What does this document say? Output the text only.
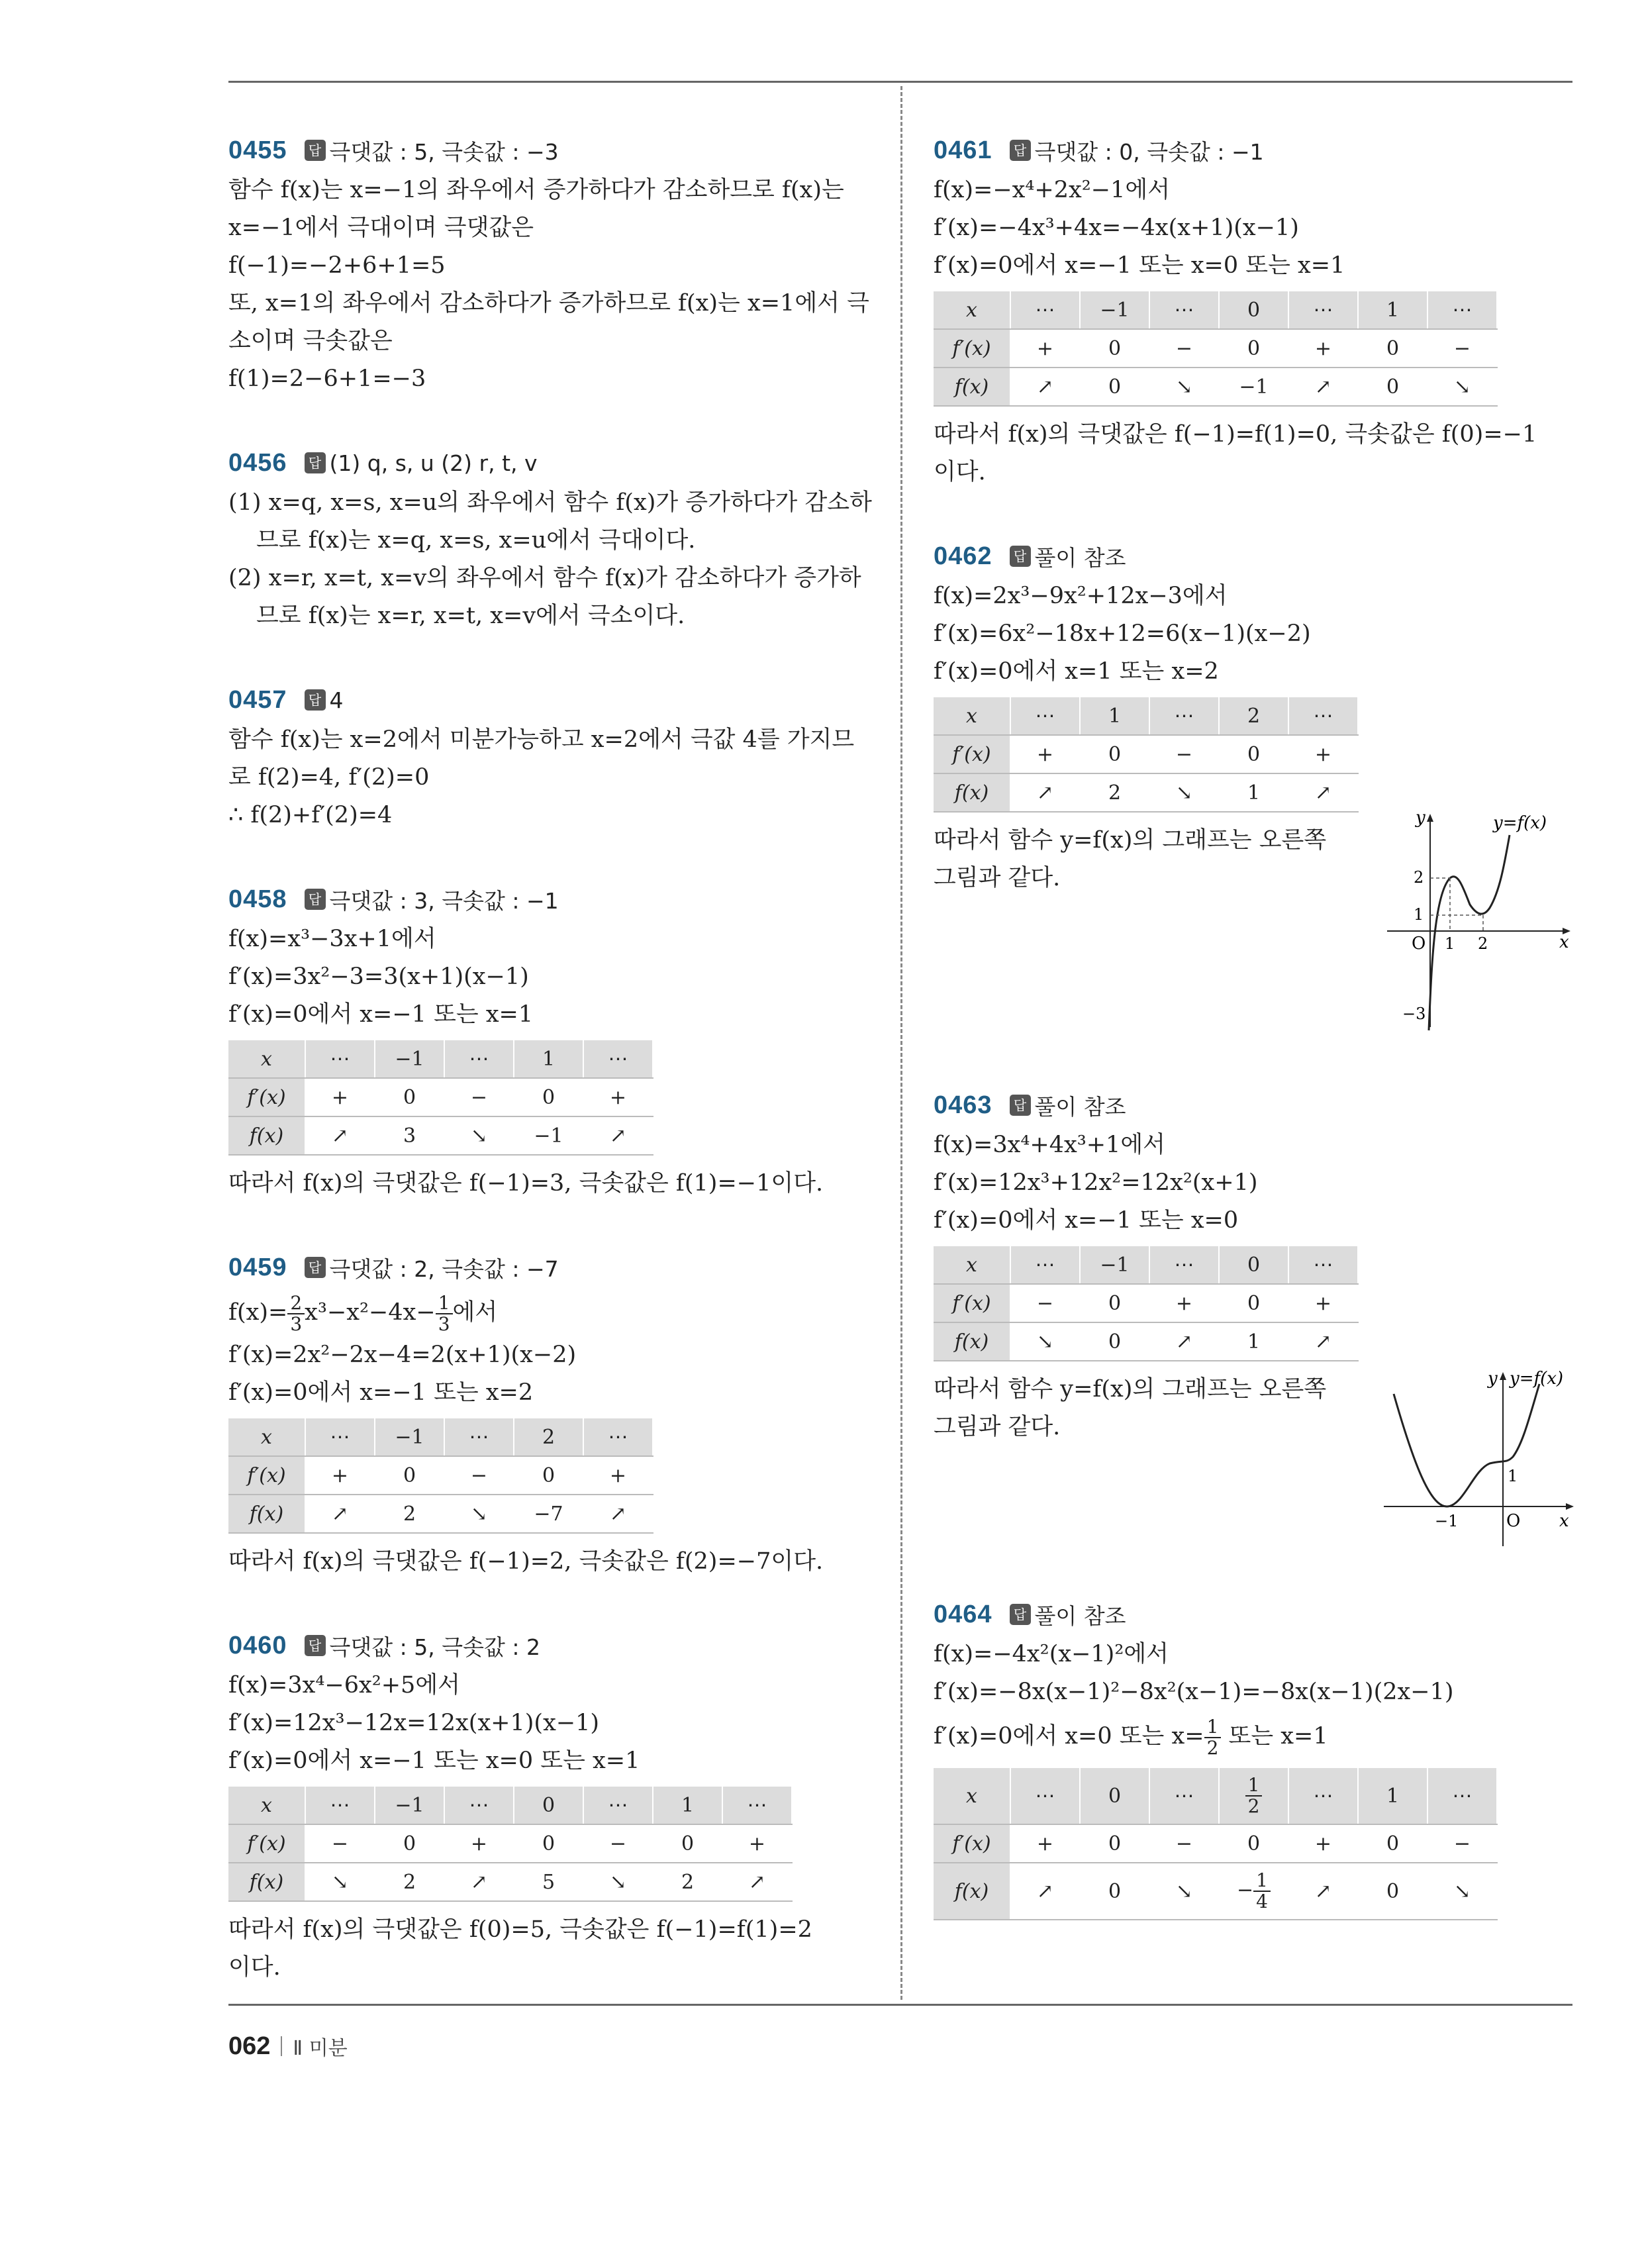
0455	답 극댓값 : 5, 극솟값 : −3
함수 f(x)는 x=−1의 좌우에서 증가하다가 감소하므로 f(x)는
x=−1에서 극대이며 극댓값은
f(−1)=−2+6+1=5
또, x=1의 좌우에서 감소하다가 증가하므로 f(x)는 x=1에서 극
소이며 극솟값은
f(1)=2−6+1=−3
0456	답 (1) q, s, u (2) r, t, v
(1) x=q, x=s, x=u의 좌우에서 함수 f(x)가 증가하다가 감소하
므로 f(x)는 x=q, x=s, x=u에서 극대이다.
(2) x=r, x=t, x=v의 좌우에서 함수 f(x)가 감소하다가 증가하
므로 f(x)는 x=r, x=t, x=v에서 극소이다.
0457	답 4
함수 f(x)는 x=2에서 미분가능하고 x=2에서 극값 4를 가지므
로 f(2)=4, f′(2)=0
∴ f(2)+f′(2)=4
0458	답 극댓값 : 3, 극솟값 : −1
f(x)=x³−3x+1에서
f′(x)=3x²−3=3(x+1)(x−1)
f′(x)=0에서 x=−1 또는 x=1
x	⋯	−1	⋯	1	⋯
f′(x)	+	0	−	0	+
f(x)	↗	3	↘	−1	↗
따라서 f(x)의 극댓값은 f(−1)=3, 극솟값은 f(1)=−1이다.
0459	답 극댓값 : 2, 극솟값 : −7
$f(x)= \frac{2}{3} x^3-x^2-4x- \frac{1}{3}$ 에서
f′(x)=2x²−2x−4=2(x+1)(x−2)
f′(x)=0에서 x=−1 또는 x=2
x	⋯	−1	⋯	2	⋯
f′(x)	+	0	−	0	+
f(x)	↗	2	↘	−7	↗
따라서 f(x)의 극댓값은 f(−1)=2, 극솟값은 f(2)=−7이다.
0460	답 극댓값 : 5, 극솟값 : 2
f(x)=3x⁴−6x²+5에서
f′(x)=12x³−12x=12x(x+1)(x−1)
f′(x)=0에서 x=−1 또는 x=0 또는 x=1
x	⋯	−1	⋯	0	⋯	1	⋯
f′(x)	−	0	+	0	−	0	+
f(x)	↘	2	↗	5	↘	2	↗
따라서 f(x)의 극댓값은 f(0)=5, 극솟값은 f(−1)=f(1)=2
이다.
0461	답 극댓값 : 0, 극솟값 : −1
f(x)=−x⁴+2x²−1에서
f′(x)=−4x³+4x=−4x(x+1)(x−1)
f′(x)=0에서 x=−1 또는 x=0 또는 x=1
x	⋯	−1	⋯	0	⋯	1	⋯
f′(x)	+	0	−	0	+	0	−
f(x)	↗	0	↘	−1	↗	0	↘
따라서 f(x)의 극댓값은 f(−1)=f(1)=0, 극솟값은 f(0)=−1
이다.
0462	답 풀이 참조
f(x)=2x³−9x²+12x−3에서
f′(x)=6x²−18x+12=6(x−1)(x−2)
f′(x)=0에서 x=1 또는 x=2
x	⋯	1	⋯	2	⋯
f′(x)	+	0	−	0	+
f(x)	↗	2	↘	1	↗
따라서 함수 y=f(x)의 그래프는 오른쪽
그림과 같다.
y	y=f(x)
x
O 1 2
2
1
−3
0463	답 풀이 참조
f(x)=3x⁴+4x³+1에서
f′(x)=12x³+12x²=12x²(x+1)
f′(x)=0에서 x=−1 또는 x=0
x	⋯	−1	⋯	0	⋯
f′(x)	−	0	+	0	+
f(x)	↘	0	↗	1	↗
따라서 함수 y=f(x)의 그래프는 오른쪽
그림과 같다.
y y=f(x)
x
O
−1
1
0464	답 풀이 참조
f(x)=−4x²(x−1)²에서
f′(x)=−8x(x−1)²−8x²(x−1)=−8x(x−1)(2x−1)
f′(x)=0에서 x=0 또는 $x= \frac{1}{2}$ 또는 x=1
x	⋯	0	⋯	$\frac{1}{2}$	⋯	1	⋯
f′(x)	+	0	−	0	+	0	−
f(x)	↗	0	↘	− $\frac{1}{4}$	↗	0	↘
062 Ⅱ 미분
